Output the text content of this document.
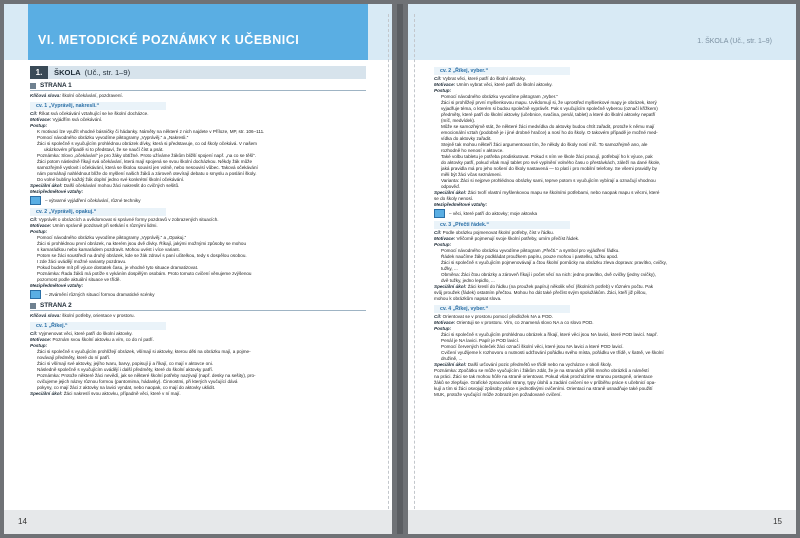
VI. METODICKÉ POZNÁMKY K UČEBNICI
1.	ŠKOLA (Uč., str. 1–9)
STRANA 1

Klíčová slova: školní očekávání, pozdravení.

cv. 1 „Vyprávěj, nakresli.“

Cíl: Říkat svá očekávání vztahující se ke školní docházce.

Motivace: Vyjádřím svá očekávání.

Postup:

• K motivaci lze využít vhodné básničky či hádanky. Náměty na některé z nich najdete v Příloze, MP, str. 106–111.
• Pomocí návodného obrázku vyvodíme piktogramy „Vyprávěj.“ a „Nakresli.“
• Žáci si společně s vyučujícím prohlédnou obrázek dívky, která si představuje, co od školy očekává. V našem
• ukázkovém případě si to představí, že se naučí číst a psát.
• Poznámka: Slovo „očekávání“ je pro žáky obtížné. Proto užíváme žákům bližší spojení např. „na co se těší“.
• Žáci potom následně říkají svá očekávání, která mají spojená se svou školní docházkou. Někdy žák může
• samozřejmě vyslovit i očekávání, která se školou souvisí jen volně, nebo nesouvisí vůbec. Taková očekávání
• nám pomáhají nahlédnout blíže do myšlení našich žáků a zároveň otevírají debatu o smyslu a poslání školy.
• Do volné bubliny každý žák doplní jedno své konkrétní školní očekávání.

Speciální úkol: Další očekávání mohou žáci nakreslit do cvičných sešitů.

Mezipředmětové vztahy:

– výtvarné vyjádření očekávání, různé techniky
cv. 2 „Vyprávěj, opakuj.“

Cíl: Vyprávět o obrázcích a uvědomovat si správné formy pozdravů v zobrazených situacích.

Motivace: Umím správně pozdravit při setkání s různými lidmi.

Postup:

• Pomocí návodného obrázku vyvodíme piktogramy „Vyprávěj.“ a „Opakuj.“
• Žáci si prohlédnou první obrázek, na kterém jsou dvě dívky. Říkají, jakými možnými způsoby se mohou
• s kamarádkou nebo kamarádem pozdravit. Mohou uvést i více variant.
• Potom se žáci soustředí na druhý obrázek, kde se žák zdraví s paní učitelkou, tedy s dospělou osobou.
• I zde žáci uvádějí možné varianty pozdravu.
• Pokud budete mít při výuce dostatek času, je vhodné tyto situace dramatizovat.
• Poznámka: Řada žáků má potíže s vykáním dospělým osobám. Proto tomuto cvičení věnujeme zvýšenou
• pozornost podle aktuální situace ve třídě.

Mezipředmětové vztahy:

– ztvárnění různých situací formou dramatické scénky
STRANA 2

Klíčová slova: školní potřeby, orientace v prostoru.

cv. 1 „Říkej.“

Cíl: Vyjmenovat věci, které patří do školní aktovky.

Motivace: Poznám svou školní aktovku a vím, co do ní patří.

Postup:

• Žáci si společně s vyučujícím prohlížejí obrázek, všímají si aktovky, kterou děti na obrázku mají, a pojme-
• novávají předměty, které do ní patří.
• Žáci si všímají své aktovky, jejího tvaru, barvy, popisují ji a říkají, co mají v aktovce oni.
• Následně společně s vyučujícím uvádějí i další předměty, které do školní aktovky patří.
• Poznámka: Protože některé žáci nevědí, jak se některé školní potřeby nazývají (např. desky na sešity), pro-
• cvičujeme jejich názvy různou formou (pantomima, hádanky). Činnostmi, při kterých vyučující dává
• pokyny, co mají žáci z aktovky na lavici vyndat, nebo naopak, co mají do aktovky uklidit.

Speciální úkol: Žáci nakreslí svou aktovku, případně věci, které v ní mají.

14
1. ŠKOLA (Uč., str. 1–9)
cv. 2 „Říkej, vyber.“

Cíl: Vybrat věci, které patří do školní aktovky.

Motivace: Umím vybrat věci, které patří do školní aktovky.

Postup:

• Pomocí návodného obrázku vyvodíme piktogram „Vyber.“
• Žáci si prohlížejí první myšlenkovou mapu. Uvědomují si, že uprostřed myšlenkové mapy je obrázek, který
• vyjadřuje téma, o kterém si budou společně vyprávět. Pak s vyučujícím společně vyberou (označí křížkem)
• předměty, které patří do školní aktovky (učebnice, svačina, penál, tablet) a které do školní aktovky nepatří
• (míč, medvídek).
• Může se samozřejmě stát, že některé žáci medvídka do aktovky budou chtít zařadit, protože k němu mají
• emocionální vztah (podobně je i jiné drobné hračce) a nosí ho do školy. O takovém případě je možné med-
• vídka do aktovky zařadit.
• Stejně tak mohou někteří žáci argumentovat tím, že někdy do školy nosí míč. To samozřejmě ano, ale
• rozhodně ho nenosí v aktovce.
• Také volbu tabletu je potřeba prodiskutovat. Pokud s ním ve škole žáci pracují, potřebují ho k výuce, pak
• do aktovky patří, pokud však mají tablet pro své vyplnění volného času o přestávkách, záleží na dané škole,
• jaká pravidla má pro jeho nošení do školy nastavená — to platí i pro mobilní telefony. Se všemi pravidly by
• měli být žáci včas seznámeni.
• Varianta: Žáci si nejprve prohlédnou obrázky sami, teprve potom s vyučujícím vybírají a označují vhodnou
• odpověď.

Speciální úkol: Žáci tvoří vlastní myšlenkovou mapu se školními potřebami, nebo naopak mapu s věcmi, které

se do školy nenosí.

Mezipředmětové vztahy:

– věci, které patří do aktovky; moje aktovka
cv. 3 „Přečti řádek.“

Cíl: Podle obrázku pojmenovat školní potřeby, číst v řádku.

Motivace: Věčomě pojmenují svoje školní potřeby, umím přečíst řádek.

Postup:

• Pomocí návodného obrázku vyvodíme piktogram „Přečti.“ a symbol pro vyjádření řádku.
• Řádek naučíme žáky podkládat proužkem papíru, pouze mohou i pastelku, tužku apod.
• Žáci si společně s vyučujícím pojmenovávají a čtou školní pomůcky na obrázku zleva doprava: pravítko, cvičky,
• tužky, ...
• Obměna: Žáci čtou obrázky a zároveň říkají i počet věcí na nich: jedno pravítko, dvě cvičky (jedny cvičky),
• dvě tužky, jedno lepidlo, ...

Speciální úkol: Žáci kreslí do řádku (na proužek papíru) několik věcí (školních potřeb) v různém počtu. Pak

svůj proužek (řádek) ostatním přečtou. Mohou ho dát také přečíst svým spolužákům. Žáci, kteří již píšou,

mohou k obrázkům napsat slova.

cv. 4 „Říkej, vyber.“

Cíl: Orientovat se v prostoru pomocí předložek NA a POD.

Motivace: Orientuji se v prostoru. Vím, co znamená slovo NA a co slovo POD.

Postup:

• Žáci si společně s vyučujícím prohlédnou obrázek a říkají, které věci jsou NA lavici, které POD lavicí. Např.
• Penál je NA lavici. Papír je POD lavicí.
• Pomocí červených koleček žáci označí školní věci, které jsou NA lavici a které POD lavicí.
• Cvičení využijeme k rozhovoru o nutnosti udržování pořádku svého místa, pořádku ve třídě, v šatně, ve školní
• družině, ...

Speciální úkol: Další určování pozic předmětů ve třídě nebo na vycházce v okolí školy.

Poznámka: Zpočátku se může vyučujícím i žákům zdát, že je na stranách příliš mnoho obrázků a náměstí

na práci. Žáci se tak mohou hůře na straně orientovat. Pokud však procházíme stranou postupně, orientace

žáků se zlepšuje. Grafické zpracování strany, typy úlohů a zadání cvičení se v průběhu práce s učebnicí opa-

kují a tím si žáci osvojují způsoby práce s jednotlivými cvičeními. Orientaci na straně usnadňuje také použití

MUK, protože vyučující může zobrazit jen požadované cvičení.

15
